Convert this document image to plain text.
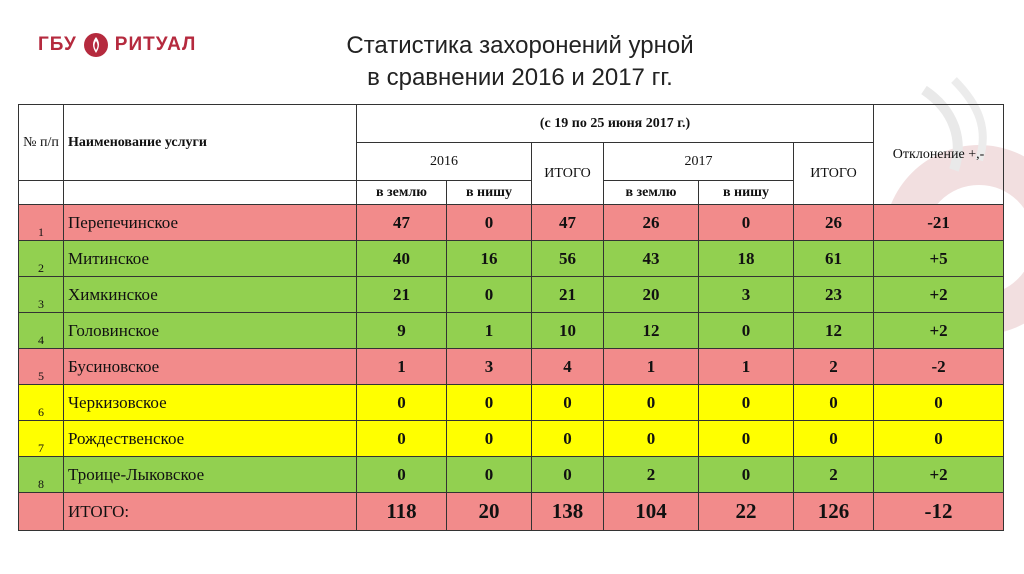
ГБУ РИТУАЛ	Статистика захоронений урной
в сравнении 2016 и 2017 гг.
№ п/п	Наименование услуги	(с 19 по 25 июня 2017 г.)						Отклонение +,-
		2016		ИТОГО	2017		ИТОГО	
		в землю	в нишу		в землю	в нишу		
1	Перепечинское	47	0	47	26	0	26	-21
2	Митинское	40	16	56	43	18	61	+5
3	Химкинское	21	0	21	20	3	23	+2
4	Головинское	9	1	10	12	0	12	+2
5	Бусиновское	1	3	4	1	1	2	-2
6	Черкизовское	0	0	0	0	0	0	0
7	Рождественское	0	0	0	0	0	0	0
8	Троице-Лыковское	0	0	0	2	0	2	+2
	ИТОГО:	118	20	138	104	22	126	-12
